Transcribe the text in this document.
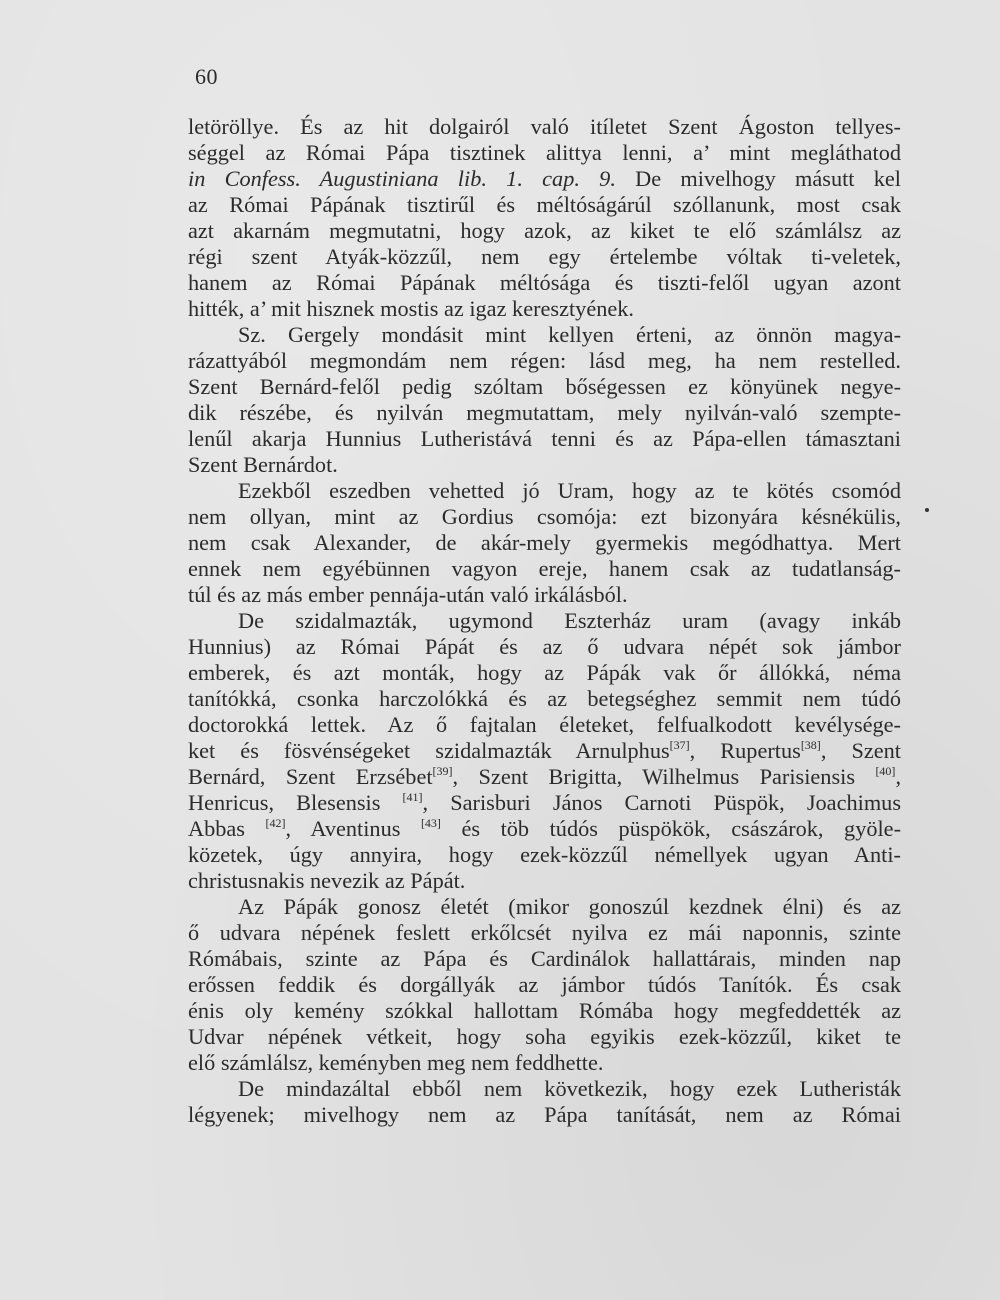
60
letöröllye. És az hit dolgairól való itíletet Szent Ágoston tellyes-
séggel az Római Pápa tisztinek alittya lenni, a’ mint megláthatod
in Confess. Augustiniana lib. 1. cap. 9. De mivelhogy másutt kel
az Római Pápának tisztirűl és méltóságárúl szóllanunk, most csak
azt akarnám megmutatni, hogy azok, az kiket te elő számlálsz az
régi szent Atyák-közzűl, nem egy értelembe vóltak ti-veletek,
hanem az Római Pápának méltósága és tiszti-felől ugyan azont
hitték, a’ mit hisznek mostis az igaz keresztyének.
Sz. Gergely mondásit mint kellyen érteni, az önnön magya-
rázattyából megmondám nem régen: lásd meg, ha nem restelled.
Szent Bernárd-felől pedig szóltam bőségessen ez könyünek negye-
dik részébe, és nyilván megmutattam, mely nyilván-való szempte-
lenűl akarja Hunnius Lutheristává tenni és az Pápa-ellen támasztani
Szent Bernárdot.
Ezekből eszedben vehetted jó Uram, hogy az te kötés csomód
nem ollyan, mint az Gordius csomója: ezt bizonyára késnékülis,
nem csak Alexander, de akár-mely gyermekis megódhattya. Mert
ennek nem egyébünnen vagyon ereje, hanem csak az tudatlanság-
túl és az más ember pennája-után való irkálásból.
De szidalmazták, ugymond Eszterház uram (avagy inkáb
Hunnius) az Római Pápát és az ő udvara népét sok jámbor
emberek, és azt monták, hogy az Pápák vak őr állókká, néma
tanítókká, csonka harczolókká és az betegséghez semmit nem túdó
doctorokká lettek. Az ő fajtalan életeket, felfualkodott kevélysége-
ket és fösvénségeket szidalmazták Arnulphus[37], Rupertus[38], Szent
Bernárd, Szent Erzsébet[39], Szent Brigitta, Wilhelmus Parisiensis [40],
Henricus, Blesensis [41], Sarisburi János Carnoti Püspök, Joachimus
Abbas [42], Aventinus [43] és töb túdós püspökök, császárok, gyöle-
közetek, úgy annyira, hogy ezek-közzűl némellyek ugyan Anti-
christusnakis nevezik az Pápát.
Az Pápák gonosz életét (mikor gonoszúl kezdnek élni) és az
ő udvara népének feslett erkőlcsét nyilva ez mái naponnis, szinte
Rómábais, szinte az Pápa és Cardinálok hallattárais, minden nap
erőssen feddik és dorgállyák az jámbor túdós Tanítók. És csak
énis oly kemény szókkal hallottam Rómába hogy megfeddették az
Udvar népének vétkeit, hogy soha egyikis ezek-közzűl, kiket te
elő számlálsz, keményben meg nem feddhette.
De mindazáltal ebből nem következik, hogy ezek Lutheristák
légyenek; mivelhogy nem az Pápa tanítását, nem az Római
